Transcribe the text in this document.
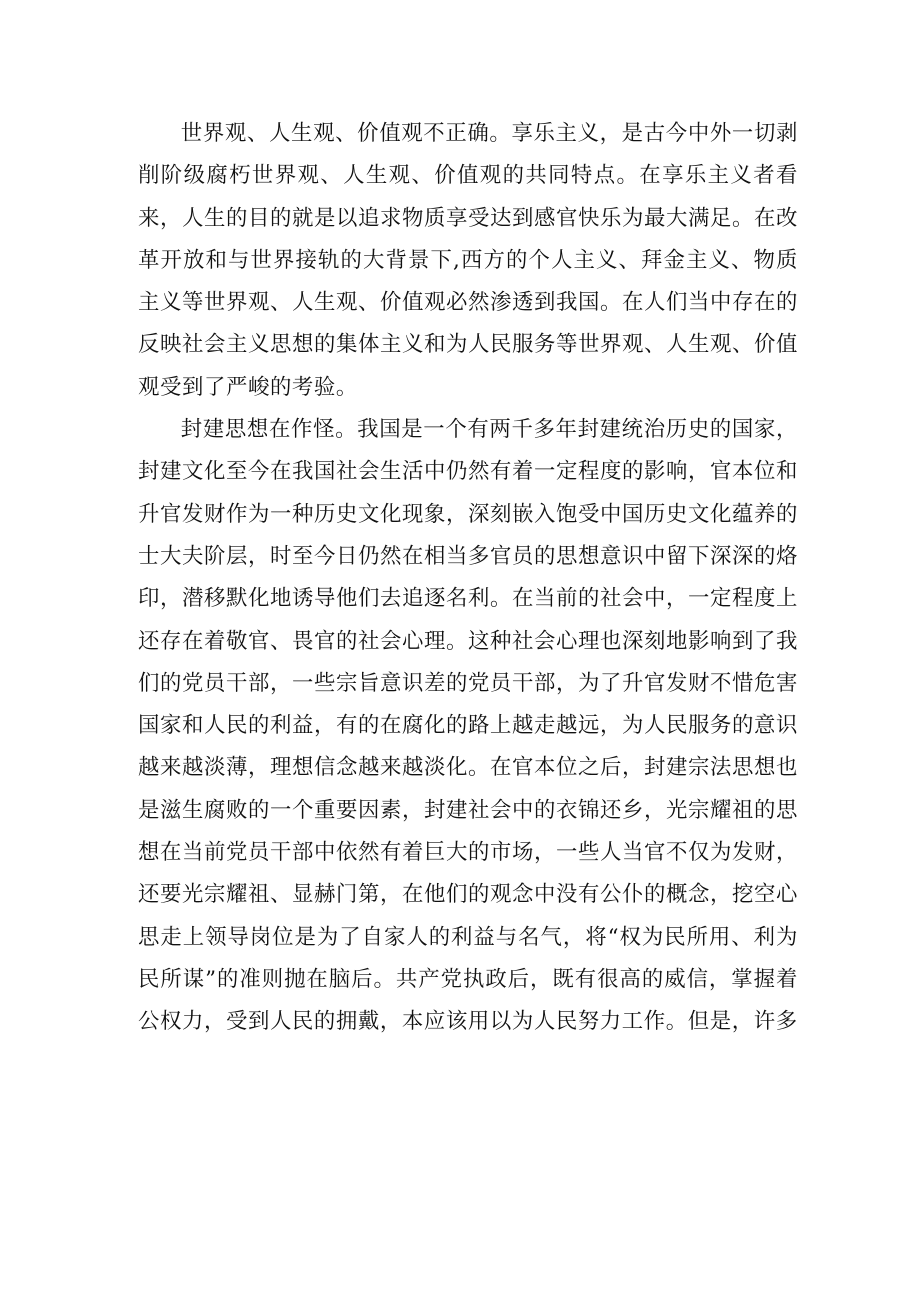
世界观、人生观、价值观不正确。享乐主义，是古今中外一切剥削阶级腐朽世界观、人生观、价值观的共同特点。在享乐主义者看来，人生的目的就是以追求物质享受达到感官快乐为最大满足。在改革开放和与世界接轨的大背景下,西方的个人主义、拜金主义、物质主义等世界观、人生观、价值观必然渗透到我国。在人们当中存在的反映社会主义思想的集体主义和为人民服务等世界观、人生观、价值观受到了严峻的考验。

封建思想在作怪。我国是一个有两千多年封建统治历史的国家，封建文化至今在我国社会生活中仍然有着一定程度的影响，官本位和升官发财作为一种历史文化现象，深刻嵌入饱受中国历史文化蕴养的士大夫阶层，时至今日仍然在相当多官员的思想意识中留下深深的烙印，潜移默化地诱导他们去追逐名利。在当前的社会中，一定程度上还存在着敬官、畏官的社会心理。这种社会心理也深刻地影响到了我们的党员干部，一些宗旨意识差的党员干部，为了升官发财不惜危害国家和人民的利益，有的在腐化的路上越走越远，为人民服务的意识越来越淡薄，理想信念越来越淡化。在官本位之后，封建宗法思想也是滋生腐败的一个重要因素，封建社会中的衣锦还乡，光宗耀祖的思想在当前党员干部中依然有着巨大的市场，一些人当官不仅为发财，还要光宗耀祖、显赫门第，在他们的观念中没有公仆的概念，挖空心思走上领导岗位是为了自家人的利益与名气，将“权为民所用、利为民所谋”的准则抛在脑后。共产党执政后，既有很高的威信，掌握着公权力，受到人民的拥戴，本应该用以为人民努力工作。但是，许多
